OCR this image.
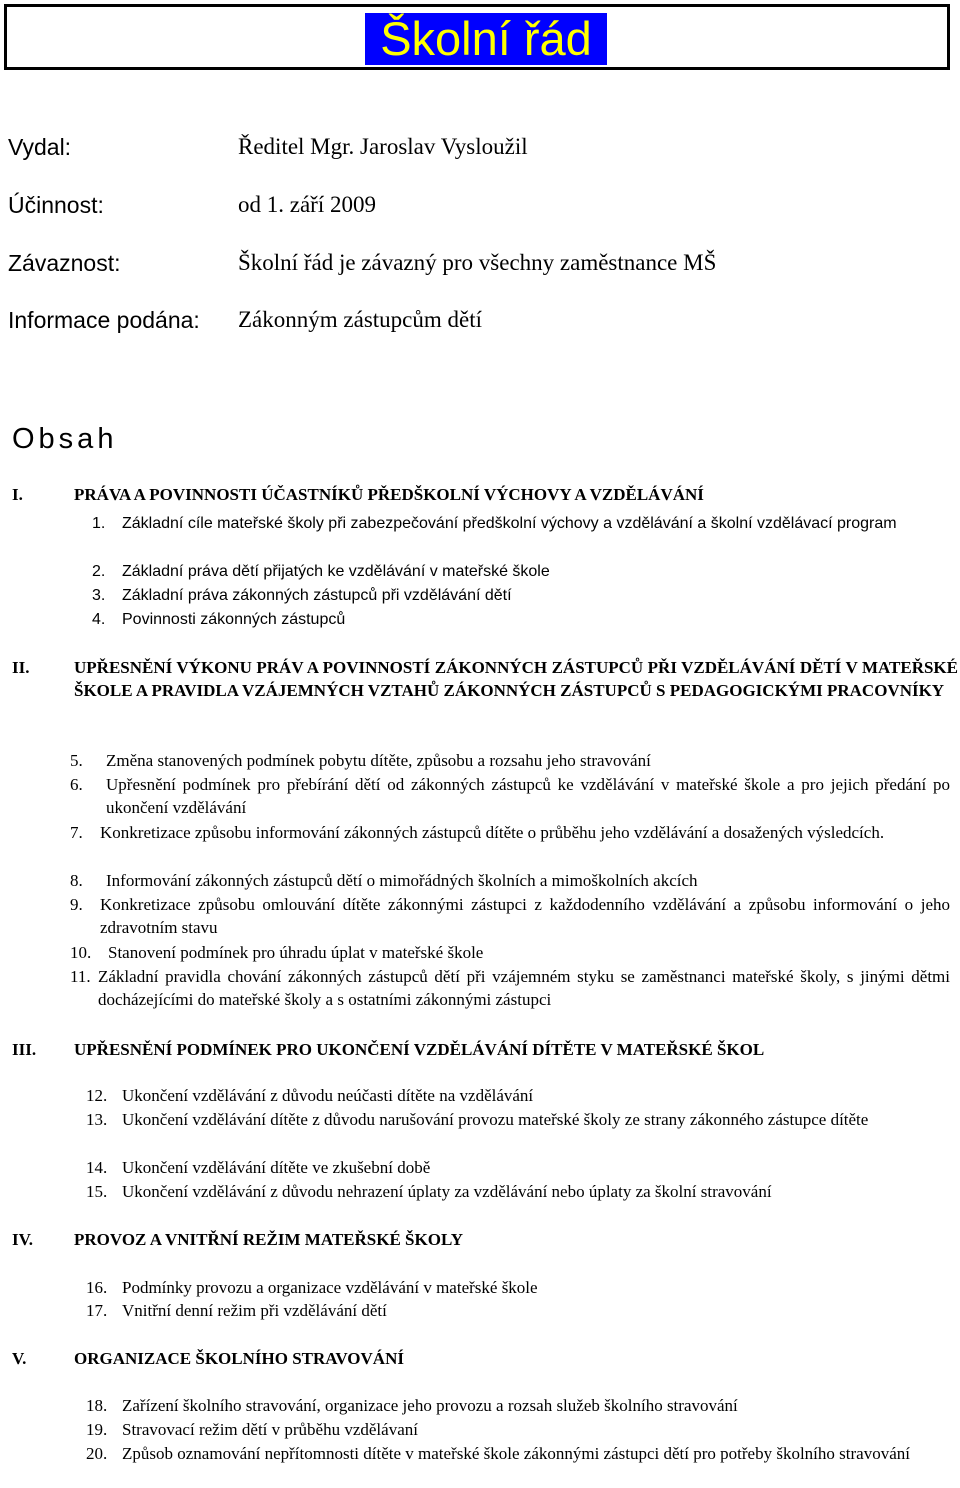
Školní řád
Vydal:	Ředitel Mgr. Jaroslav Vysloužil
Účinnost:	od 1. září 2009
Závaznost:	Školní řád je závazný pro všechny zaměstnance MŠ
Informace podána: Zákonným zástupcům dětí
Obsah
I.	PRÁVA A POVINNOSTI ÚČASTNÍKŮ PŘEDŠKOLNÍ VÝCHOVY A VZDĚLÁVÁNÍ
1. Základní cíle mateřské školy při zabezpečování předškolní výchovy a vzdělávání a školní vzdělávací program
2. Základní práva dětí přijatých ke vzdělávání v mateřské škole
3. Základní práva zákonných zástupců při vzdělávání dětí
4. Povinnosti zákonných zástupců
II.	UPŘESNĚNÍ VÝKONU PRÁV A POVINNOSTÍ ZÁKONNÝCH ZÁSTUPCŮ PŘI VZDĚLÁVÁNÍ DĚTÍ V MATEŘSKÉ ŠKOLE A PRAVIDLA VZÁJEMNÝCH VZTAHŮ ZÁKONNÝCH ZÁSTUPCŮ S PEDAGOGICKÝMI PRACOVNÍKY
5. Změna stanovených podmínek pobytu dítěte, způsobu a rozsahu jeho stravování
6. Upřesnění podmínek pro přebírání dětí od zákonných zástupců ke vzdělávání v mateřské škole a pro jejich předání po ukončení vzdělávání
7. Konkretizace způsobu informování zákonných zástupců dítěte o průběhu jeho vzdělávání a dosažených výsledcích.
8. Informování zákonných zástupců dětí o mimořádných školních a mimoškolních akcích
9. Konkretizace způsobu omlouvání dítěte zákonnými zástupci z každodenního vzdělávání a způsobu informování o jeho zdravotním stavu
10. Stanovení podmínek pro úhradu úplat v mateřské škole
11. Základní pravidla chování zákonných zástupců dětí při vzájemném styku se zaměstnanci mateřské školy, s jinými dětmi docházejícími do mateřské školy a s ostatními zákonnými zástupci
III. UPŘESNĚNÍ PODMÍNEK PRO UKONČENÍ VZDĚLÁVÁNÍ DÍTĚTE V MATEŘSKÉ ŠKOL
12. Ukončení vzdělávání z důvodu neúčasti dítěte na vzdělávání
13. Ukončení vzdělávání dítěte z důvodu narušování provozu mateřské školy ze strany zákonného zástupce dítěte
14. Ukončení vzdělávání dítěte ve zkušební době
15. Ukončení vzdělávání z důvodu nehrazení úplaty za vzdělávání nebo úplaty za školní stravování
IV. PROVOZ A VNITŘNÍ REŽIM MATEŘSKÉ ŠKOLY
16. Podmínky provozu a organizace vzdělávání v mateřské škole
17. Vnitřní denní režim při vzdělávání dětí
V.	ORGANIZACE ŠKOLNÍHO STRAVOVÁNÍ
18. Zařízení školního stravování, organizace jeho provozu a rozsah služeb školního stravování
19. Stravovací režim dětí v průběhu vzdělávaní
20. Způsob oznamování nepřítomnosti dítěte v mateřské škole zákonnými zástupci dětí pro potřeby školního stravování
